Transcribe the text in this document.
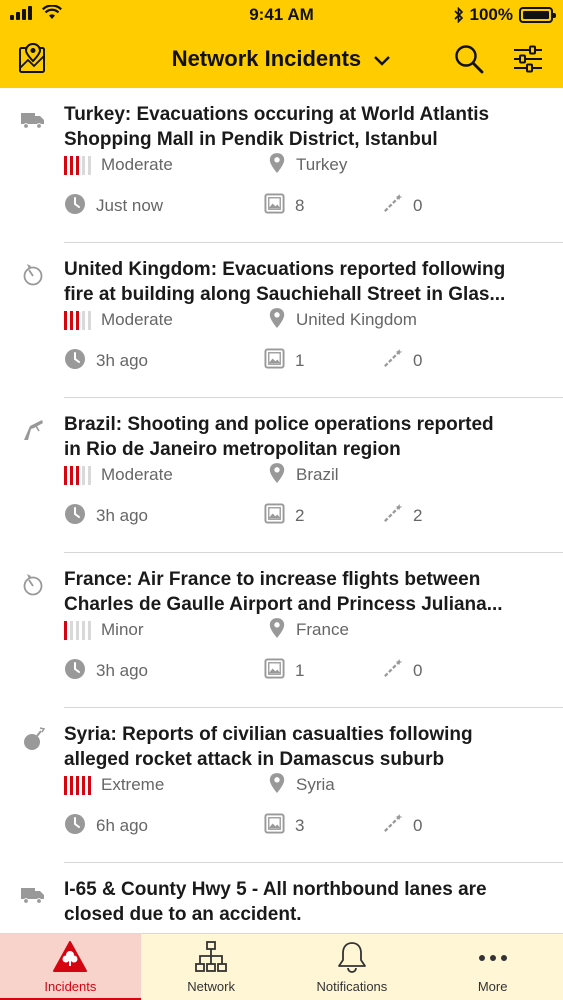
9:41 AM	100%
Network Incidents
Turkey: Evacuations occuring at World Atlantis
Shopping Mall in Pendik District, Istanbul
Moderate	Turkey
Just now	8	0
United Kingdom: Evacuations reported following
fire at building along Sauchiehall Street in Glas...
Moderate	United Kingdom
3h ago	1	0
Brazil: Shooting and police operations reported
in Rio de Janeiro metropolitan region
Moderate	Brazil
3h ago	2	2
France: Air France to increase flights between
Charles de Gaulle Airport and Princess Juliana...
Minor	France
3h ago	1	0
Syria: Reports of civilian casualties following
alleged rocket attack in Damascus suburb
Extreme	Syria
6h ago	3	0
I-65 & County Hwy 5 - All northbound lanes are
closed due to an accident.
Incidents	Network	Notifications	More
